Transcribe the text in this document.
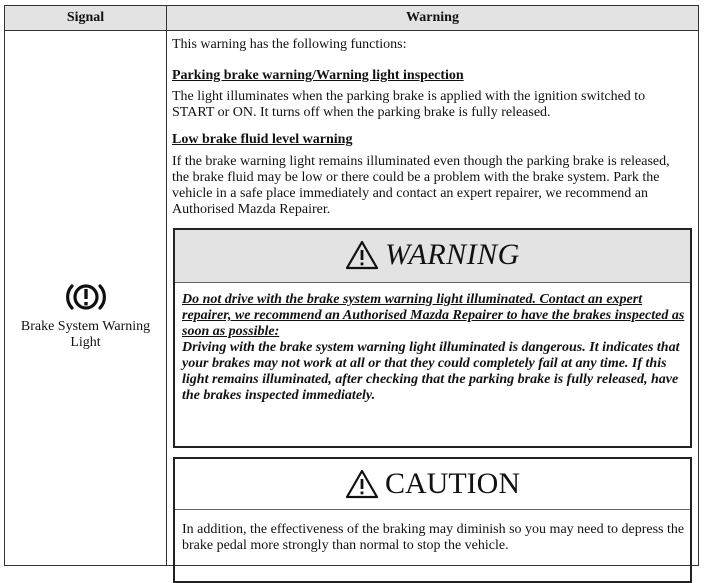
Signal	Warning
Brake System Warning
Light

This warning has the following functions:

Parking brake warning/Warning light inspection

The light illuminates when the parking brake is applied with the ignition switched to START or ON. It turns off when the parking brake is fully released.

Low brake fluid level warning

If the brake warning light remains illuminated even though the parking brake is released, the brake fluid may be low or there could be a problem with the brake system. Park the vehicle in a safe place immediately and contact an expert repairer, we recommend an Authorised Mazda Repairer.

WARNING

Do not drive with the brake system warning light illuminated. Contact an expert repairer, we recommend an Authorised Mazda Repairer to have the brakes inspected as soon as possible:
Driving with the brake system warning light illuminated is dangerous. It indicates that your brakes may not work at all or that they could completely fail at any time. If this light remains illuminated, after checking that the parking brake is fully released, have the brakes inspected immediately.

CAUTION

In addition, the effectiveness of the braking may diminish so you may need to depress the brake pedal more strongly than normal to stop the vehicle.
